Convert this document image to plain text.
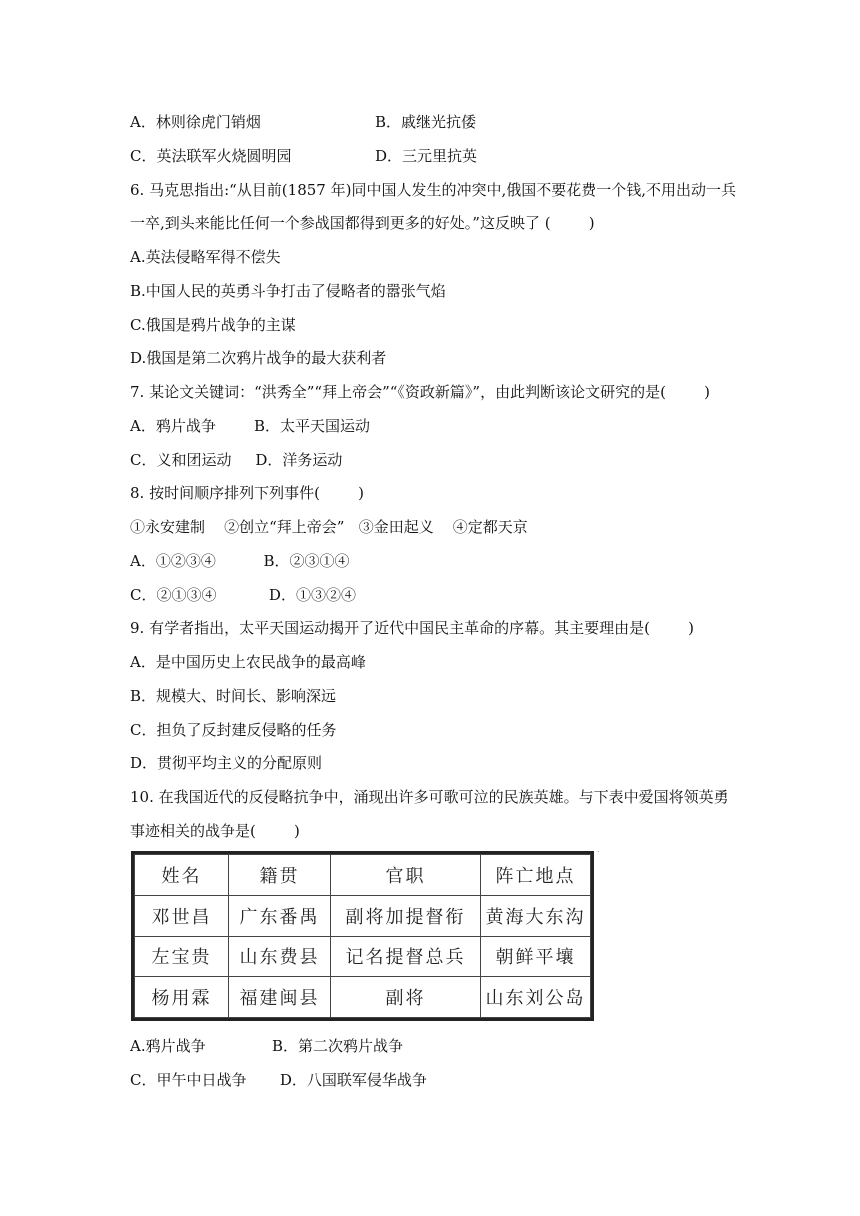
A．林则徐虎门销烟	B．戚继光抗倭
C．英法联军火烧圆明园	D．三元里抗英
6. 马克思指出:“从目前(1857 年)同中国人发生的冲突中,俄国不要花费一个钱,不用出动一兵
一卒,到头来能比任何一个参战国都得到更多的好处。”这反映了 (        )
A.英法侵略军得不偿失
B.中国人民的英勇斗争打击了侵略者的嚣张气焰
C.俄国是鸦片战争的主谋
D.俄国是第二次鸦片战争的最大获利者
7. 某论文关键词：“洪秀全”“拜上帝会”“《资政新篇》”，由此判断该论文研究的是(        )
A．鸦片战争        B．太平天国运动
C．义和团运动     D．洋务运动
8. 按时间顺序排列下列事件(        )
①永安建制    ②创立“拜上帝会”   ③金田起义    ④定都天京
A．①②③④          B．②③①④
C．②①③④           D．①③②④
9. 有学者指出，太平天国运动揭开了近代中国民主革命的序幕。其主要理由是(        )
A．是中国历史上农民战争的最高峰
B．规模大、时间长、影响深远
C．担负了反封建反侵略的任务
D．贯彻平均主义的分配原则
10. 在我国近代的反侵略抗争中，涌现出许多可歌可泣的民族英雄。与下表中爱国将领英勇
事迹相关的战争是(        )
.
姓名	籍贯	官职	阵亡地点
邓世昌	广东番禺	副将加提督衔	黄海大东沟
左宝贵	山东费县	记名提督总兵	朝鲜平壤
杨用霖	福建闽县	副将	山东刘公岛
A.鸦片战争	B．第二次鸦片战争
C．甲午中日战争       D．八国联军侵华战争
